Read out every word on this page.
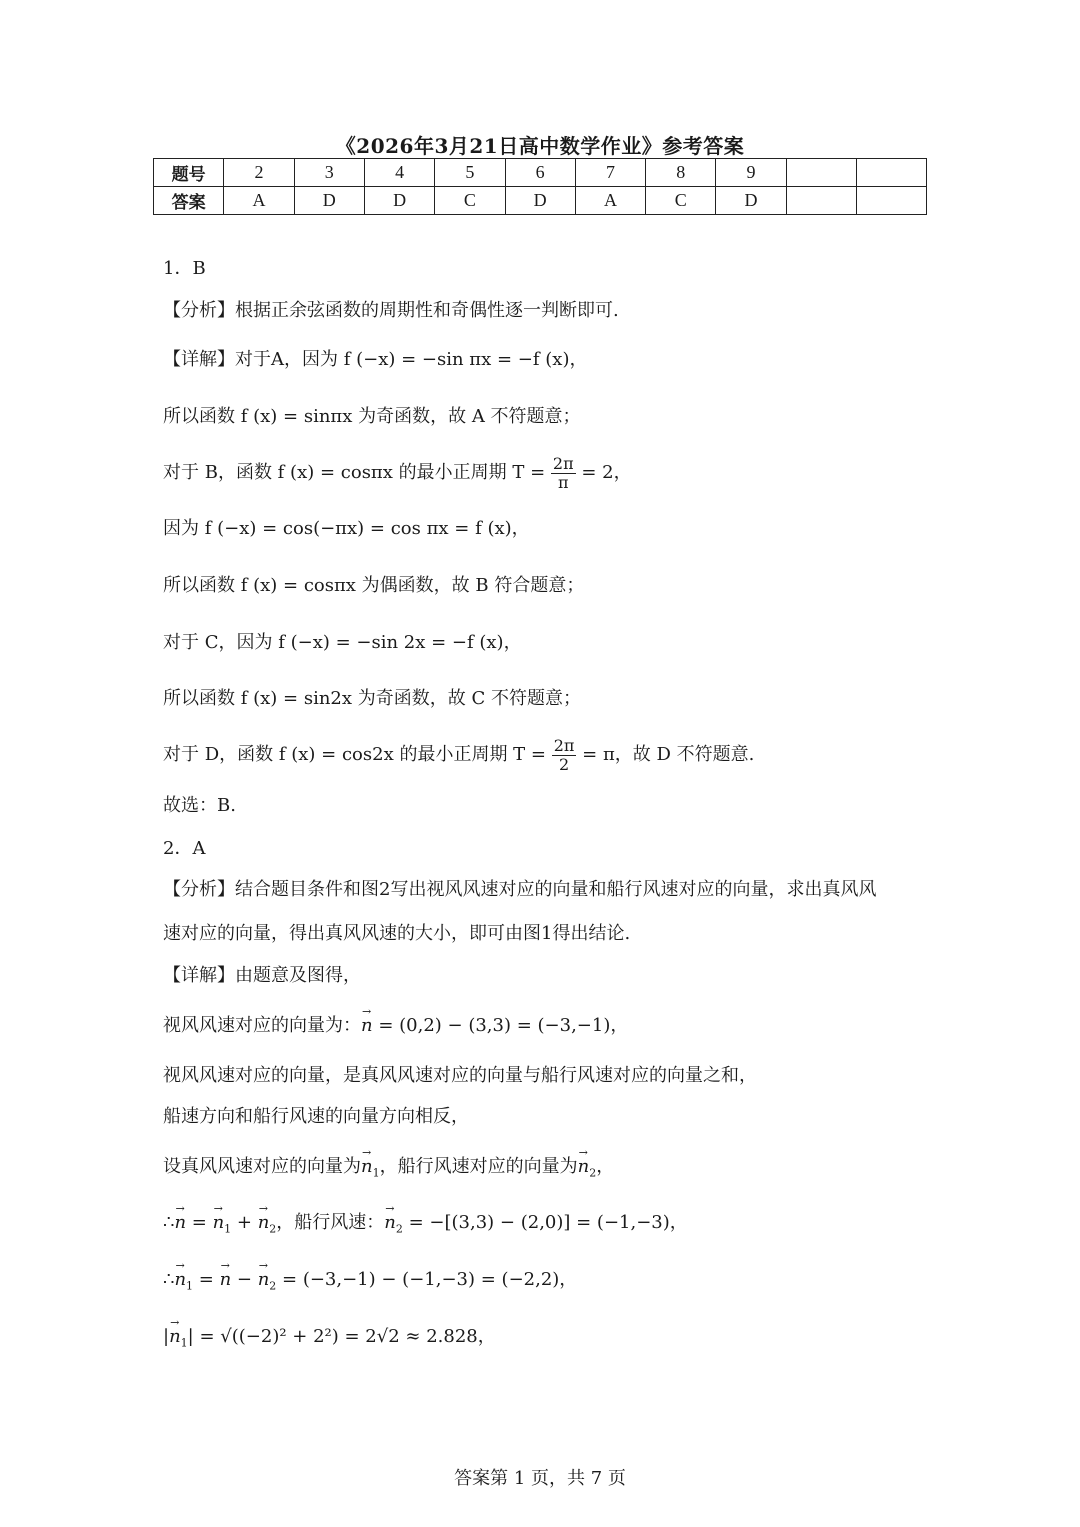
《2026年3月21日高中数学作业》参考答案
题号	2	3	4	5	6	7	8	9		
答案	A	D	D	C	D	A	C	D		
1．B
【分析】根据正余弦函数的周期性和奇偶性逐一判断即可.
【详解】对于A，因为 f (−x) = −sin πx = −f (x)，
所以函数 f (x) = sinπx 为奇函数，故 A 不符题意；
对于 B，函数 f (x) = cosπx 的最小正周期 $T = \frac{2\pi}{\pi} = 2$，
因为 f (−x) = cos(−πx) = cos πx = f (x)，
所以函数 f (x) = cosπx 为偶函数，故 B 符合题意；
对于 C，因为 f (−x) = −sin 2x = −f (x)，
所以函数 f (x) = sin2x 为奇函数，故 C 不符题意；
对于 D，函数 f (x) = cos2x 的最小正周期 $T = \frac{2\pi}{2} = \pi$，故 D 不符题意.
故选：B.
2．A
【分析】结合题目条件和图2写出视风风速对应的向量和船行风速对应的向量，求出真风风
速对应的向量，得出真风风速的大小，即可由图1得出结论.
【详解】由题意及图得，
视风风速对应的向量为：→ n = (0,2) − (3,3) = (−3,−1)，
视风风速对应的向量，是真风风速对应的向量与船行风速对应的向量之和，
船速方向和船行风速的向量方向相反，
设真风风速对应的向量为→ $n_1$，船行风速对应的向量为→ $n_2$，
∴→ n = → $n_1$ + → $n_2$，船行风速：→ $n_2 = -[(3,3) - (2,0)] = (-1,-3)$，
∴→ $n_1$ = → n − → $n_2 = (-3,-1) - (-1,-3) = (-2,2)$，
|→ $n_1| = √((-2)^2 + 2^2) = 2√2 \approx 2.828$，
答案第 1 页，共 7 页
